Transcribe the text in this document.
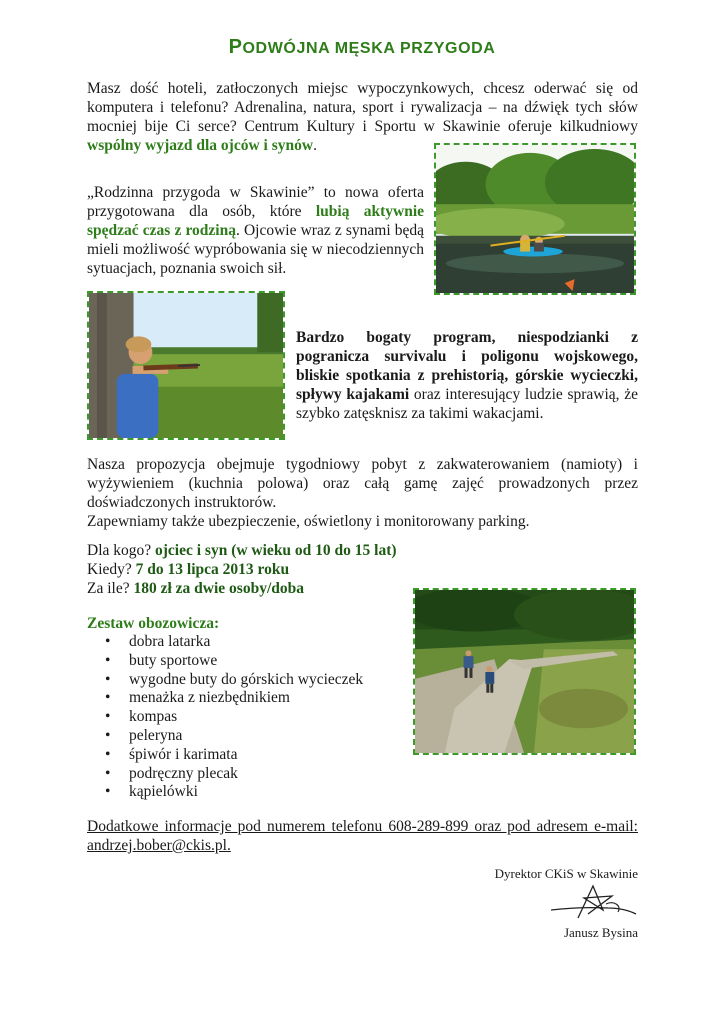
PODWÓJNA MĘSKA PRZYGODA
Masz dość hoteli, zatłoczonych miejsc wypoczynkowych, chcesz oderwać się od komputera i telefonu? Adrenalina, natura, sport i rywalizacja – na dźwięk tych słów mocniej bije Ci serce? Centrum Kultury i Sportu w Skawinie oferuje kilkudniowy wspólny wyjazd dla ojców i synów.
„Rodzinna przygoda w Skawinie” to nowa oferta przygotowana dla osób, które lubią aktywnie spędzać czas z rodziną. Ojcowie wraz z synami będą mieli możliwość wypróbowania się w niecodziennych sytuacjach, poznania swoich sił.
Bardzo bogaty program, niespodzianki z pogranicza survivalu i poligonu wojskowego, bliskie spotkania z prehistorią, górskie wycieczki, spływy kajakami oraz interesujący ludzie sprawią, że szybko zatęsknisz za takimi wakacjami.

Nasza propozycja obejmuje tygodniowy pobyt z zakwaterowaniem (namioty) i wyżywieniem (kuchnia polowa) oraz całą gamę zajęć prowadzonych przez doświadczonych instruktorów.

Zapewniamy także ubezpieczenie, oświetlony i monitorowany parking.

Dla kogo? ojciec i syn (w wieku od 10 do 15 lat)

Kiedy? 7 do 13 lipca 2013 roku

Za ile? 180 zł za dwie osoby/doba

Zestaw obozowicza:

• dobra latarka
• buty sportowe
• wygodne buty do górskich wycieczek
• menażka z niezbędnikiem
• kompas
• peleryna
• śpiwór i karimata
• podręczny plecak
• kąpielówki
Dodatkowe informacje pod numerem telefonu 608-289-899 oraz pod adresem e-mail: andrzej.bober@ckis.pl.
Dyrektor CKiS w Skawinie
Janusz Bysina
